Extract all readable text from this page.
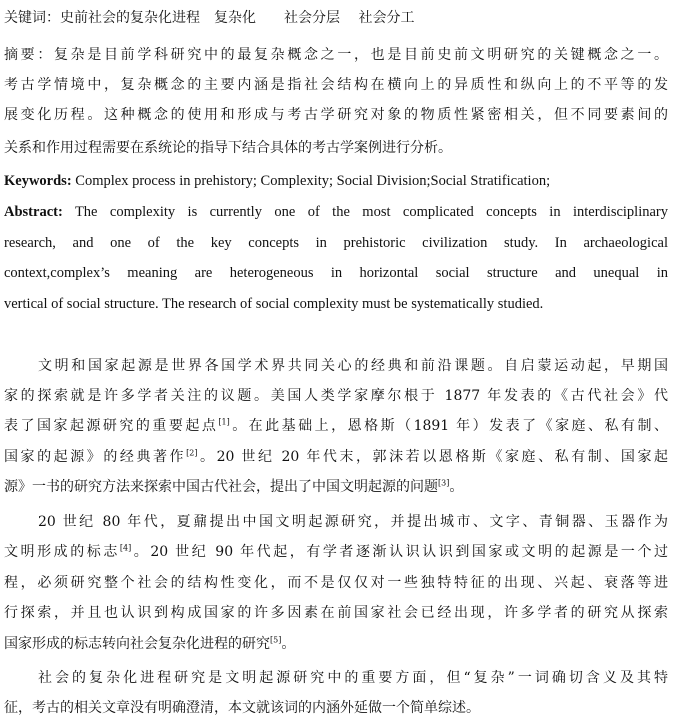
关键词：史前社会的复杂化进程　复杂化　　社会分层　 社会分工
摘要：复杂是目前学科研究中的最复杂概念之一，也是目前史前文明研究的关键概念之一。
考古学情境中，复杂概念的主要内涵是指社会结构在横向上的异质性和纵向上的不平等的发
展变化历程。这种概念的使用和形成与考古学研究对象的物质性紧密相关，但不同要素间的
关系和作用过程需要在系统论的指导下结合具体的考古学案例进行分析。
Keywords: Complex process in prehistory; Complexity; Social Division;Social Stratification;
Abstract: The complexity is currently one of the most complicated concepts in interdisciplinary
research, and one of the key concepts in prehistoric civilization study. In archaeological
context,complex’s meaning are heterogeneous in horizontal social structure and unequal in
vertical of social structure. The research of social complexity must be systematically studied.
文明和国家起源是世界各国学术界共同关心的经典和前沿课题。自启蒙运动起，早期国
家的探索就是许多学者关注的议题。美国人类学家摩尔根于 1877 年发表的《古代社会》代
表了国家起源研究的重要起点[1]。在此基础上，恩格斯（1891 年）发表了《家庭、私有制、
国家的起源》的经典著作[2]。20 世纪 20 年代末，郭沫若以恩格斯《家庭、私有制、国家起
源》一书的研究方法来探索中国古代社会，提出了中国文明起源的问题[3]。
20 世纪 80 年代，夏鼐提出中国文明起源研究，并提出城市、文字、青铜器、玉器作为
文明形成的标志[4]。20 世纪 90 年代起，有学者逐渐认识认识到国家或文明的起源是一个过
程，必须研究整个社会的结构性变化，而不是仅仅对一些独特特征的出现、兴起、衰落等进
行探索，并且也认识到构成国家的许多因素在前国家社会已经出现，许多学者的研究从探索
国家形成的标志转向社会复杂化进程的研究[5]。
社会的复杂化进程研究是文明起源研究中的重要方面，但“复杂”一词确切含义及其特
征，考古的相关文章没有明确澄清，本文就该词的内涵外延做一个简单综述。
